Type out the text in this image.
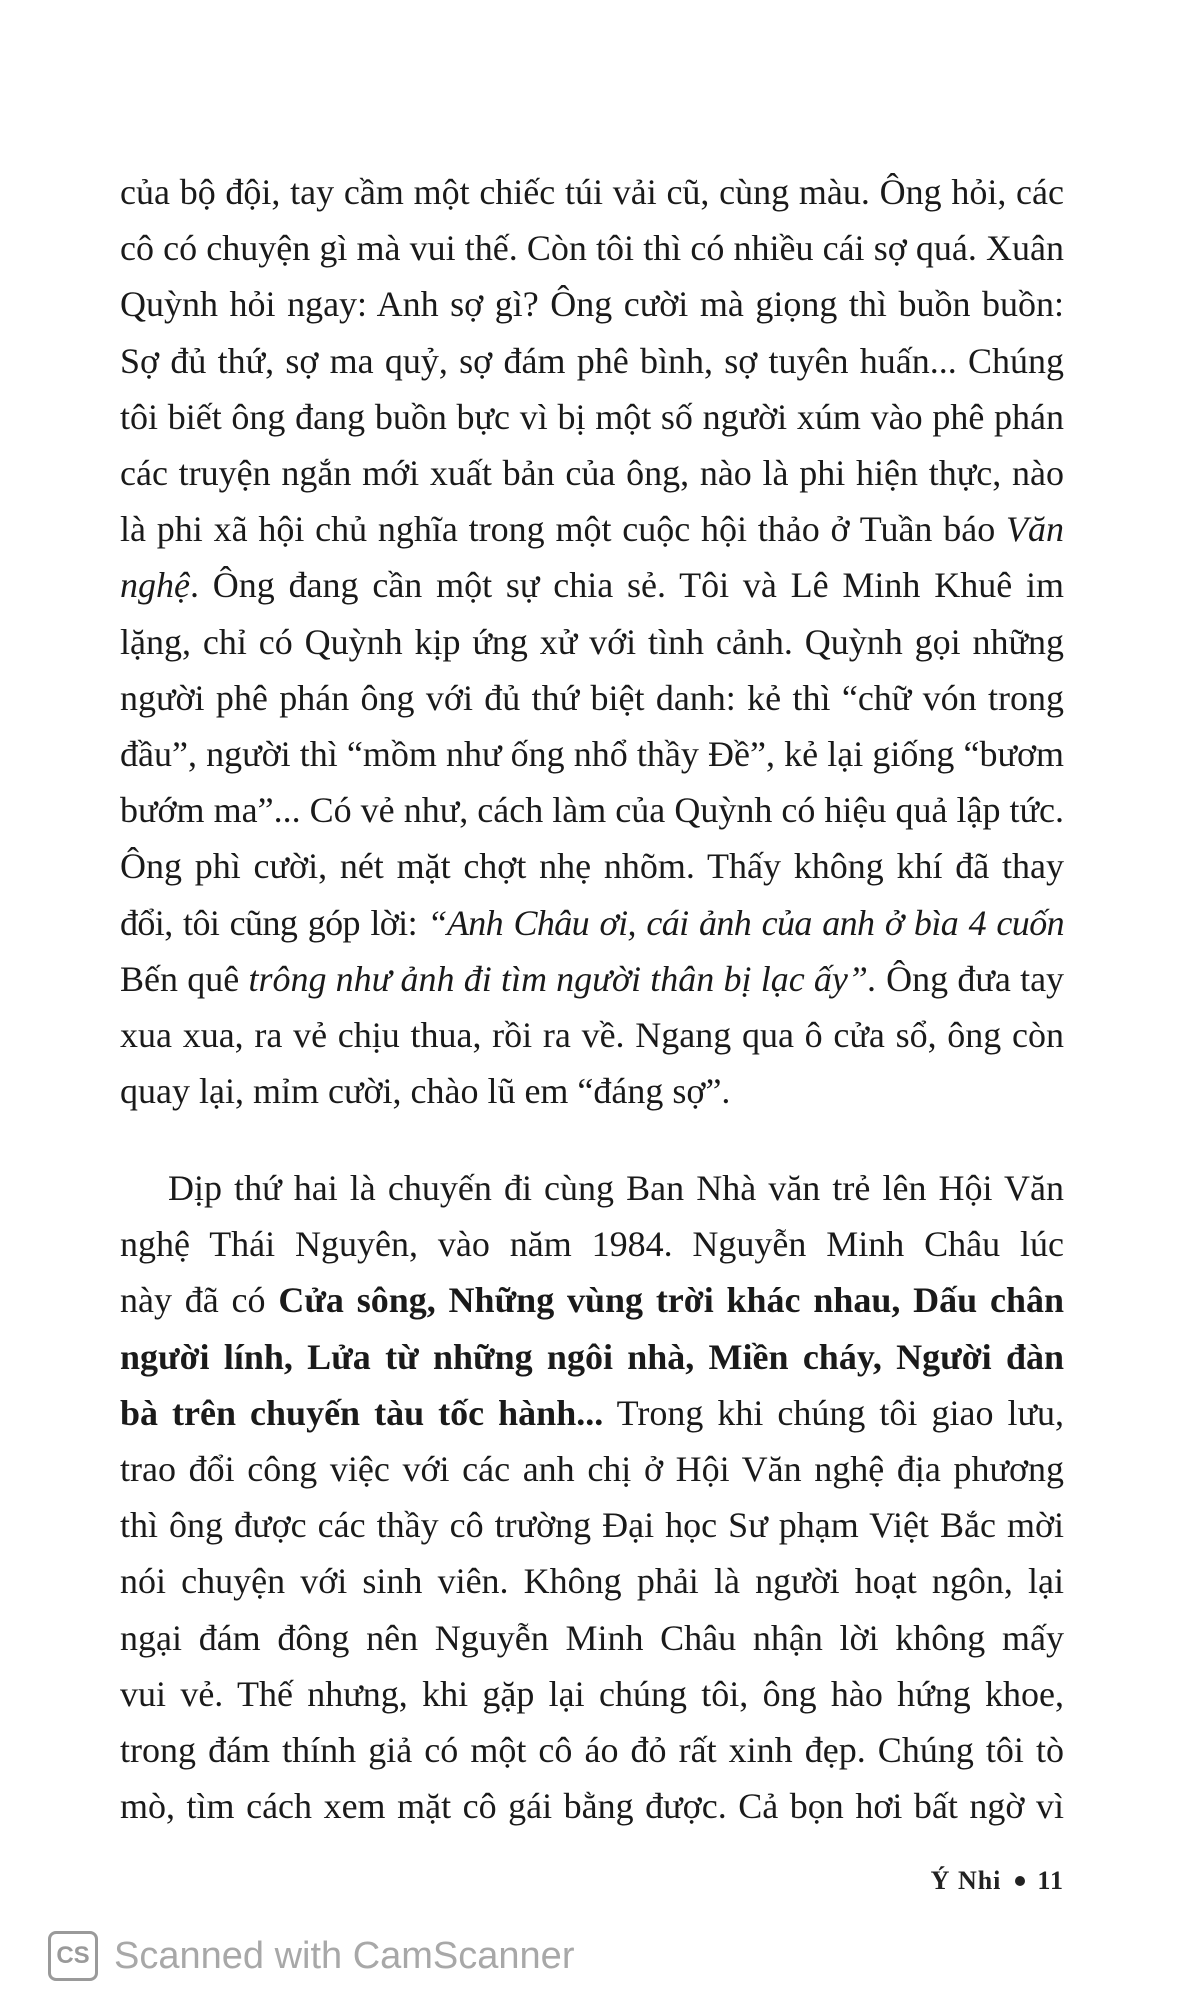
của bộ đội, tay cầm một chiếc túi vải cũ, cùng màu. Ông hỏi, các
cô có chuyện gì mà vui thế. Còn tôi thì có nhiều cái sợ quá. Xuân
Quỳnh hỏi ngay: Anh sợ gì? Ông cười mà giọng thì buồn buồn:
Sợ đủ thứ, sợ ma quỷ, sợ đám phê bình, sợ tuyên huấn... Chúng
tôi biết ông đang buồn bực vì bị một số người xúm vào phê phán
các truyện ngắn mới xuất bản của ông, nào là phi hiện thực, nào
là phi xã hội chủ nghĩa trong một cuộc hội thảo ở Tuần báo Văn
nghệ. Ông đang cần một sự chia sẻ. Tôi và Lê Minh Khuê im
lặng, chỉ có Quỳnh kịp ứng xử với tình cảnh. Quỳnh gọi những
người phê phán ông với đủ thứ biệt danh: kẻ thì “chữ vón trong
đầu”, người thì “mồm như ống nhổ thầy Đề”, kẻ lại giống “bươm
bướm ma”... Có vẻ như, cách làm của Quỳnh có hiệu quả lập tức.
Ông phì cười, nét mặt chợt nhẹ nhõm. Thấy không khí đã thay
đổi, tôi cũng góp lời: “Anh Châu ơi, cái ảnh của anh ở bìa 4 cuốn
Bến quê trông như ảnh đi tìm người thân bị lạc ấy”. Ông đưa tay
xua xua, ra vẻ chịu thua, rồi ra về. Ngang qua ô cửa sổ, ông còn
quay lại, mỉm cười, chào lũ em “đáng sợ”.
Dịp thứ hai là chuyến đi cùng Ban Nhà văn trẻ lên Hội Văn
nghệ Thái Nguyên, vào năm 1984. Nguyễn Minh Châu lúc
này đã có Cửa sông, Những vùng trời khác nhau, Dấu chân
người lính, Lửa từ những ngôi nhà, Miền cháy, Người đàn
bà trên chuyến tàu tốc hành... Trong khi chúng tôi giao lưu,
trao đổi công việc với các anh chị ở Hội Văn nghệ địa phương
thì ông được các thầy cô trường Đại học Sư phạm Việt Bắc mời
nói chuyện với sinh viên. Không phải là người hoạt ngôn, lại
ngại đám đông nên Nguyễn Minh Châu nhận lời không mấy
vui vẻ. Thế nhưng, khi gặp lại chúng tôi, ông hào hứng khoe,
trong đám thính giả có một cô áo đỏ rất xinh đẹp. Chúng tôi tò
mò, tìm cách xem mặt cô gái bằng được. Cả bọn hơi bất ngờ vì
Ý Nhi 11
CS Scanned with CamScanner
